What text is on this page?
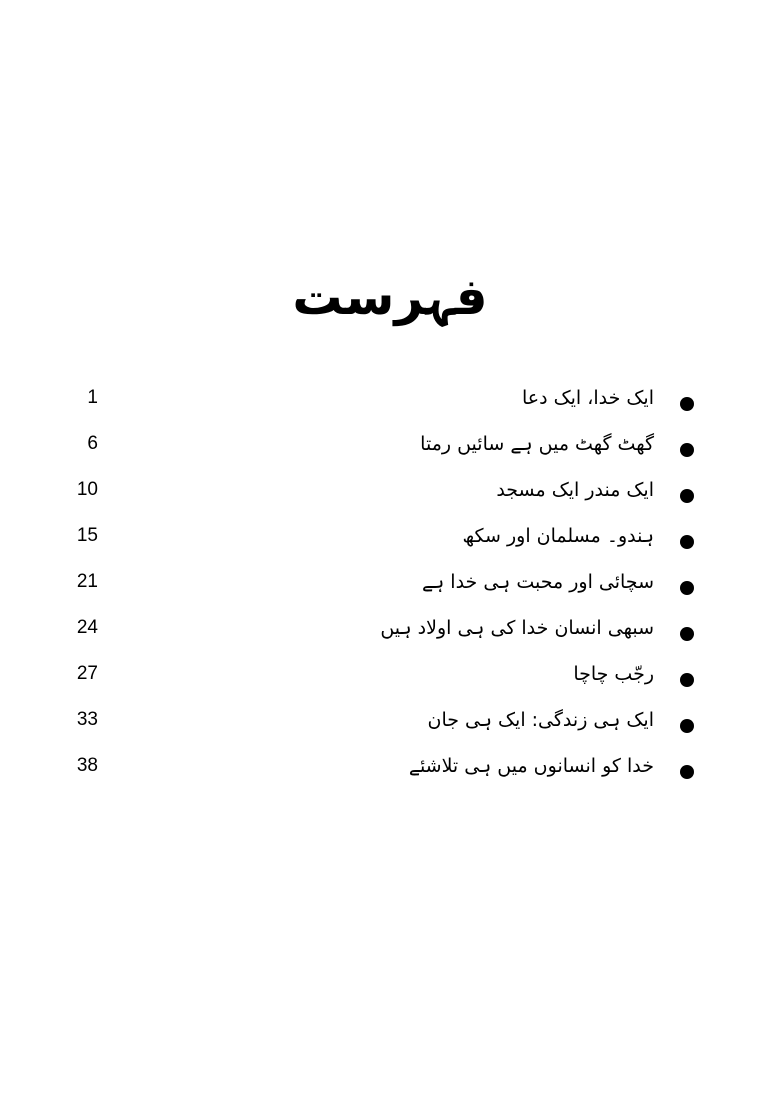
فہرست
ایک خدا، ایک دعا
1
گھٹ گھٹ میں ہے سائیں رمتا
6
ایک مندر ایک مسجد
10
ہندو۔ مسلمان اور سکھ
15
سچائی اور محبت ہی خدا ہے
21
سبھی انسان خدا کی ہی اولاد ہیں
24
رجّب چاچا
27
ایک ہی زندگی: ایک ہی جان
33
خدا کو انسانوں میں ہی تلاشئے
38
